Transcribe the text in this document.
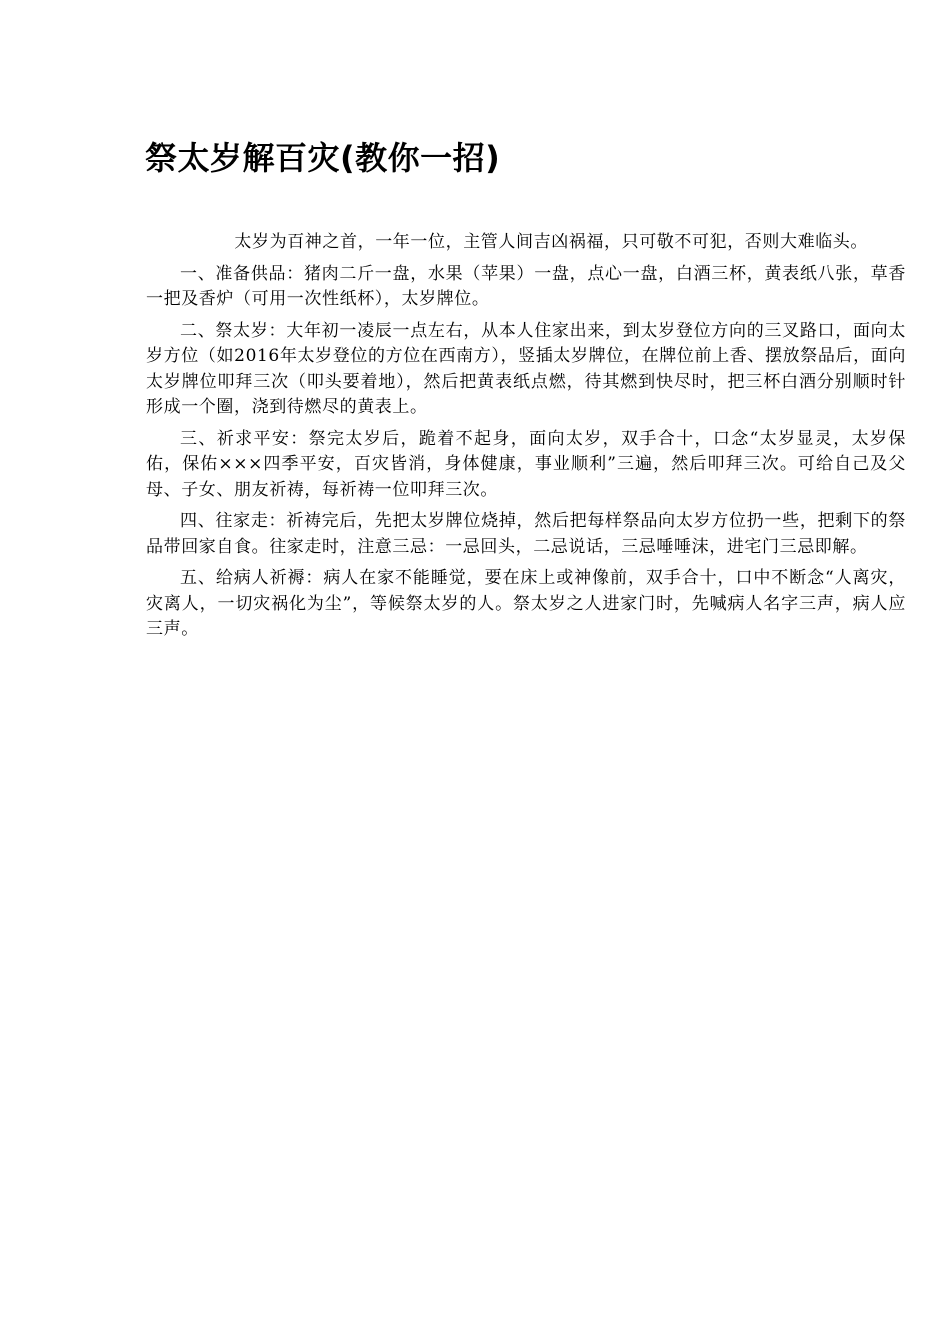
祭太岁解百灾(教你一招)

太岁为百神之首，一年一位，主管人间吉凶祸福，只可敬不可犯，否则大难临头。

一、准备供品：猪肉二斤一盘，水果（苹果）一盘，点心一盘，白酒三杯，黄表纸八张，草香一把及香炉（可用一次性纸杯），太岁牌位。

二、祭太岁：大年初一凌辰一点左右，从本人住家出来，到太岁登位方向的三叉路口，面向太岁方位（如2016年太岁登位的方位在西南方），竖插太岁牌位，在牌位前上香、摆放祭品后，面向太岁牌位叩拜三次（叩头要着地），然后把黄表纸点燃，待其燃到快尽时，把三杯白酒分别顺时针形成一个圈，浇到待燃尽的黄表上。

三、祈求平安：祭完太岁后，跪着不起身，面向太岁，双手合十，口念“太岁显灵，太岁保佑，保佑×××四季平安，百灾皆消，身体健康，事业顺利”三遍，然后叩拜三次。可给自己及父母、子女、朋友祈祷，每祈祷一位叩拜三次。

四、往家走：祈祷完后，先把太岁牌位烧掉，然后把每样祭品向太岁方位扔一些，把剩下的祭品带回家自食。往家走时，注意三忌：一忌回头，二忌说话，三忌唾唾沫，进宅门三忌即解。

五、给病人祈褥：病人在家不能睡觉，要在床上或神像前，双手合十，口中不断念“人离灾，灾离人，一切灾祸化为尘”，等候祭太岁的人。祭太岁之人进家门时，先喊病人名字三声，病人应三声。
